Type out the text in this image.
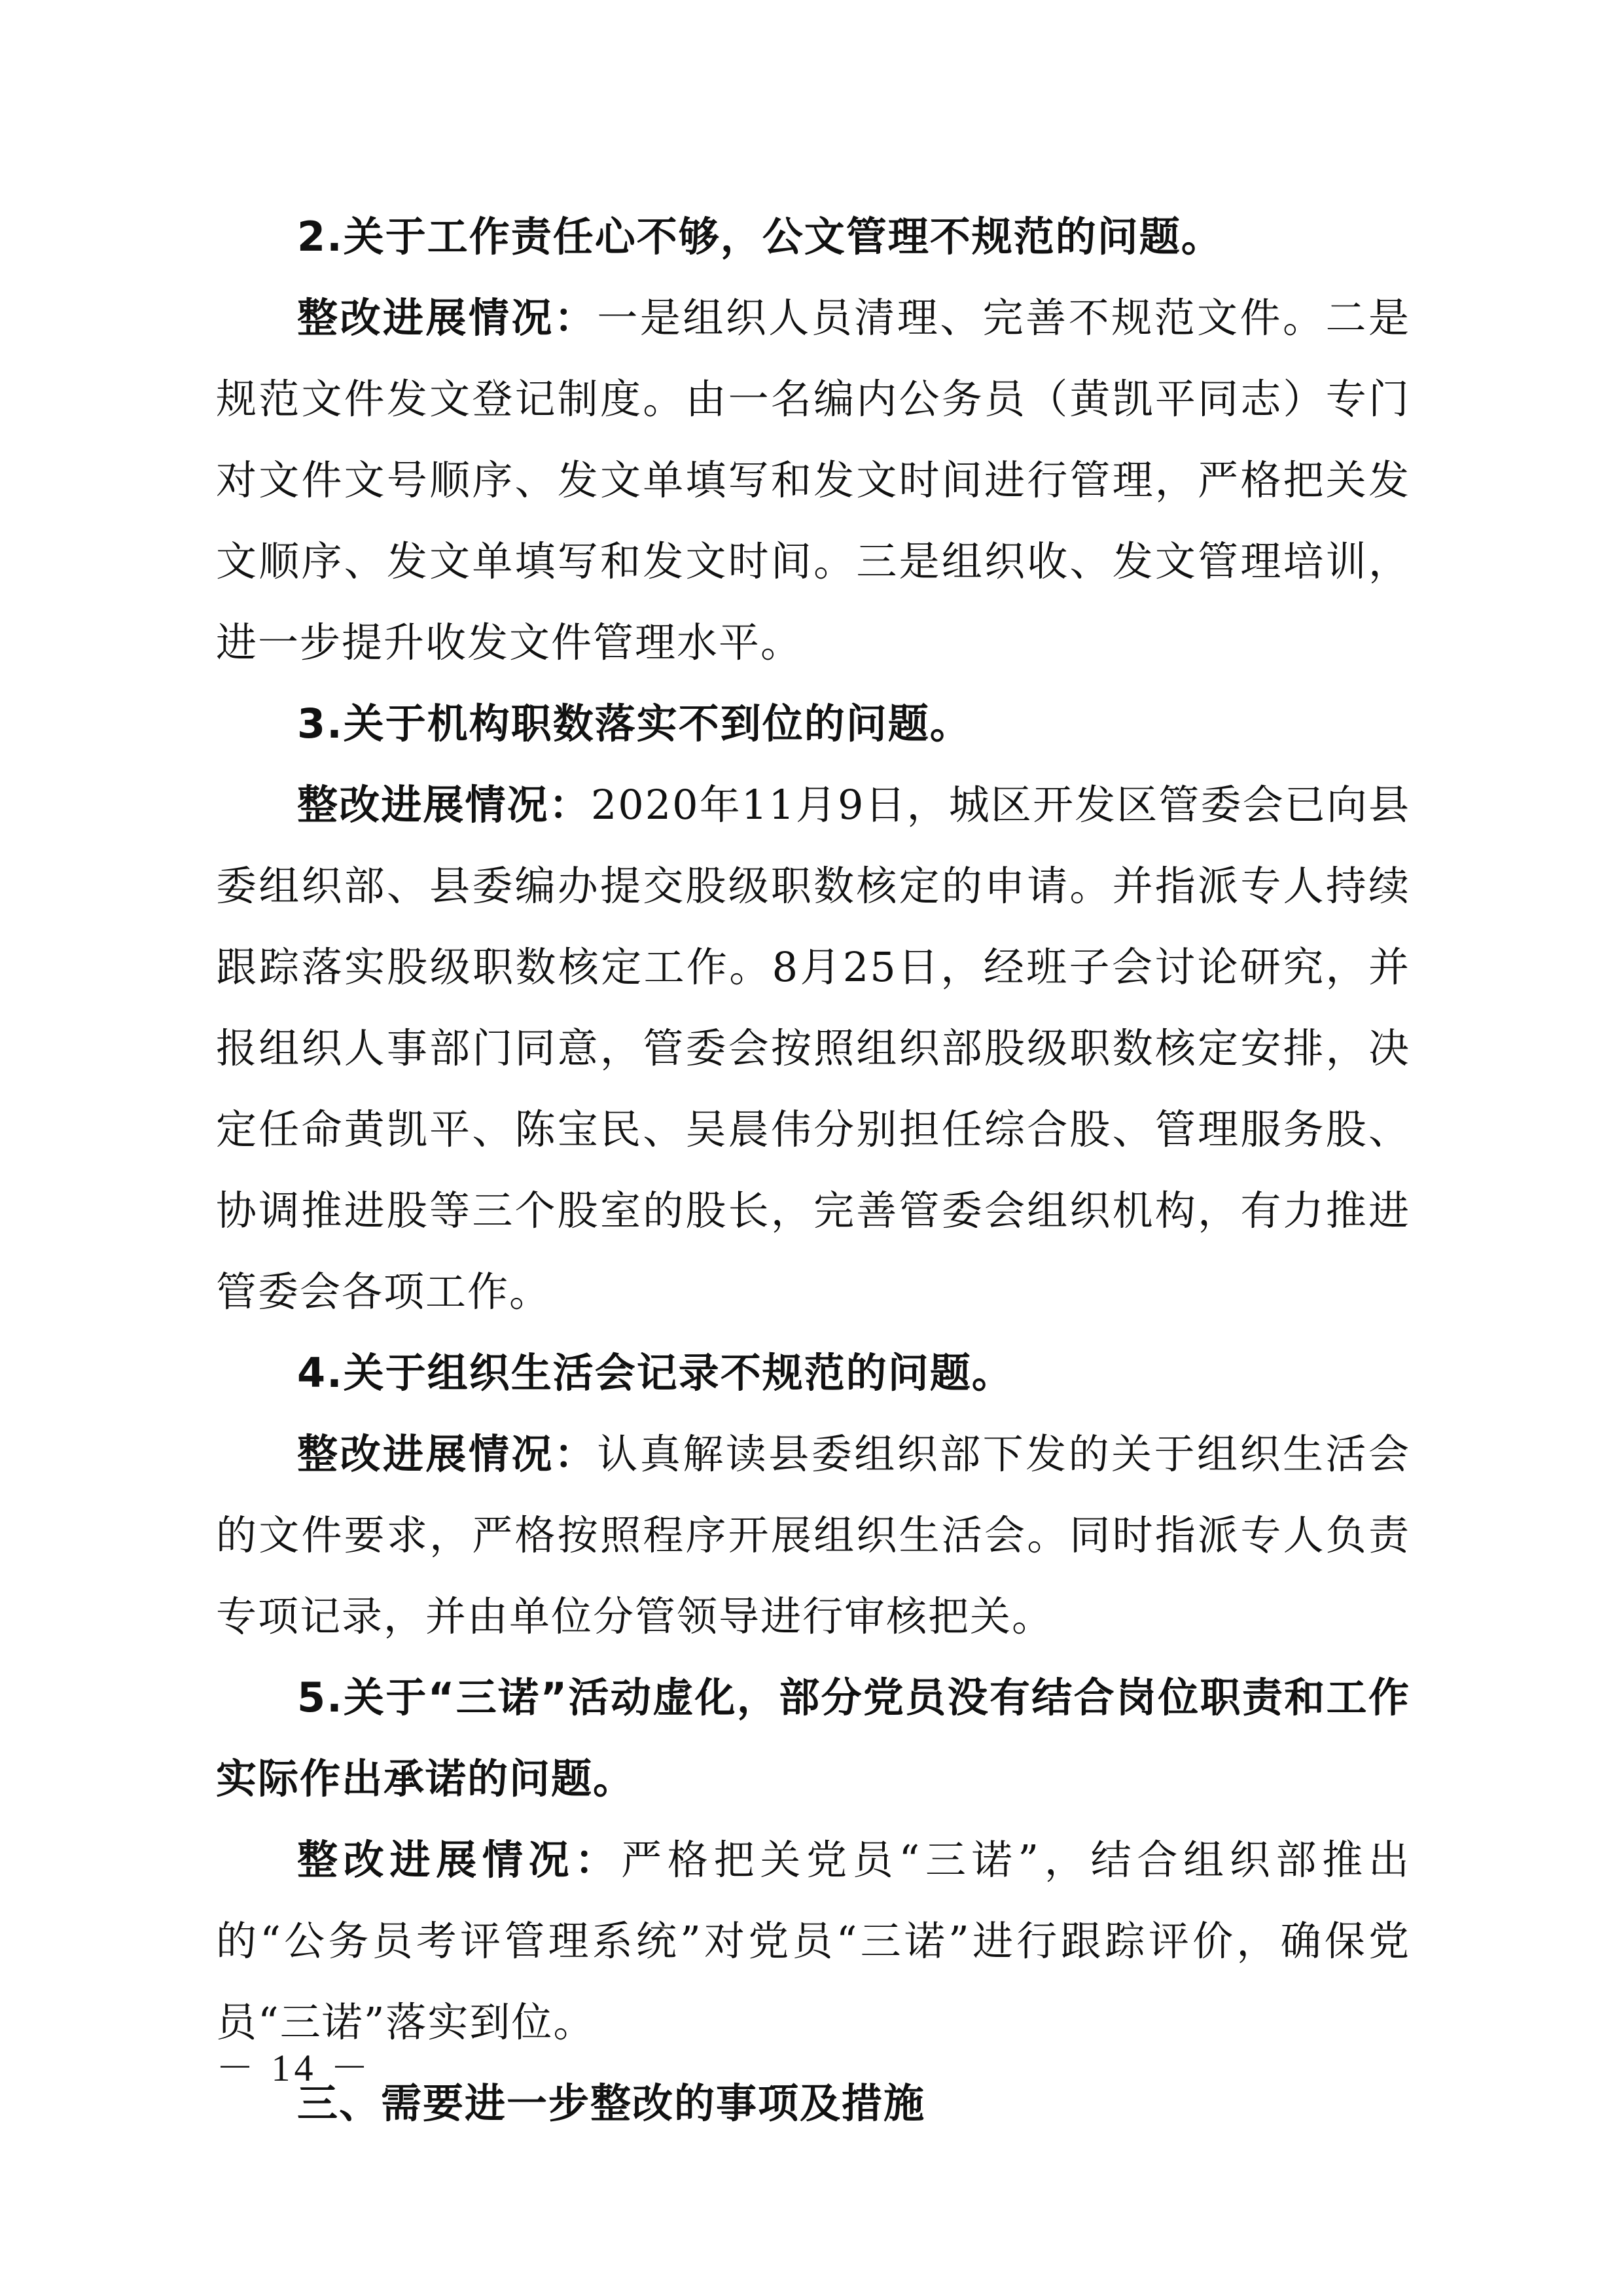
2.关于工作责任心不够，公文管理不规范的问题。

整改进展情况：一是组织人员清理、完善不规范文件。二是规范文件发文登记制度。由一名编内公务员（黄凯平同志）专门对文件文号顺序、发文单填写和发文时间进行管理，严格把关发文顺序、发文单填写和发文时间。三是组织收、发文管理培训，进一步提升收发文件管理水平。

3.关于机构职数落实不到位的问题。

整改进展情况：2020年11月9日，城区开发区管委会已向县委组织部、县委编办提交股级职数核定的申请。并指派专人持续跟踪落实股级职数核定工作。8月25日，经班子会讨论研究，并报组织人事部门同意，管委会按照组织部股级职数核定安排，决定任命黄凯平、陈宝民、吴晨伟分别担任综合股、管理服务股、协调推进股等三个股室的股长，完善管委会组织机构，有力推进管委会各项工作。

4.关于组织生活会记录不规范的问题。

整改进展情况：认真解读县委组织部下发的关于组织生活会的文件要求，严格按照程序开展组织生活会。同时指派专人负责专项记录，并由单位分管领导进行审核把关。

5.关于“三诺”活动虚化，部分党员没有结合岗位职责和工作实际作出承诺的问题。

整改进展情况：严格把关党员“三诺”，结合组织部推出的“公务员考评管理系统”对党员“三诺”进行跟踪评价，确保党员“三诺”落实到位。

三、需要进一步整改的事项及措施

－ 14 －
